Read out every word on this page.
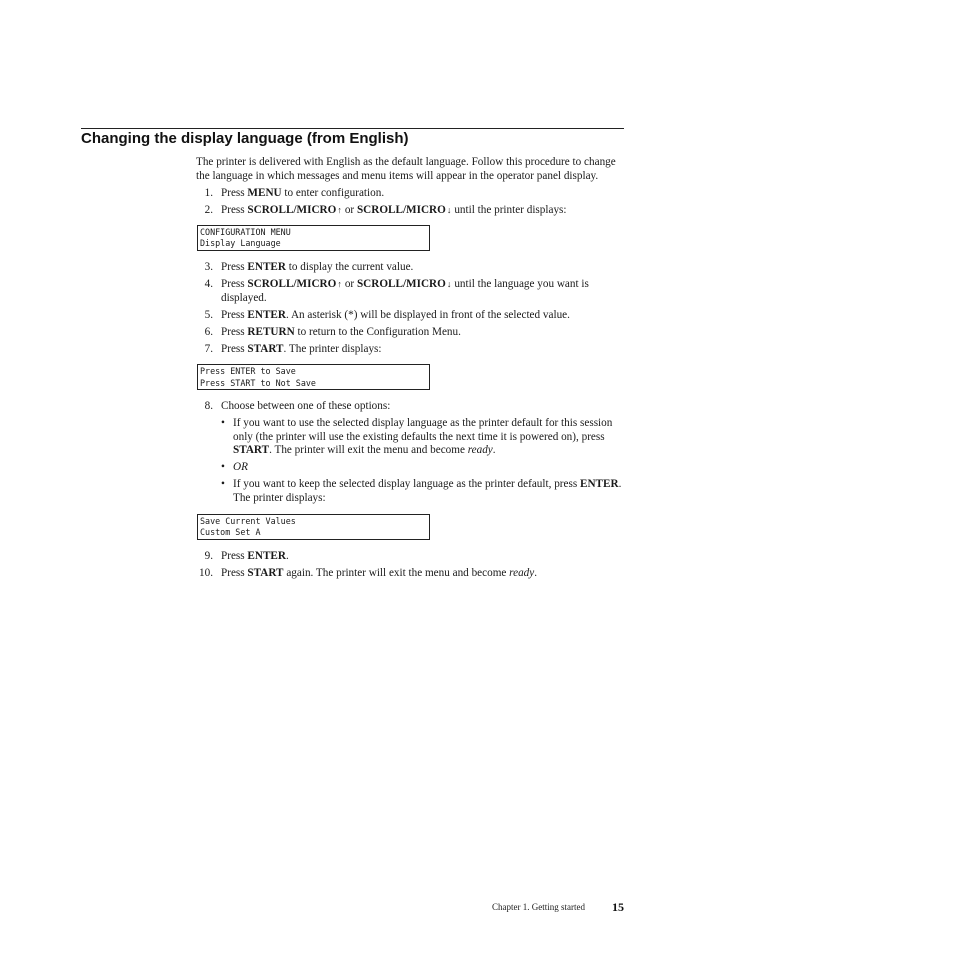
Changing the display language (from English)

The printer is delivered with English as the default language. Follow this procedure to change the language in which messages and menu items will appear in the operator panel display.

1. Press MENU to enter configuration.
2. Press SCROLL/MICRO↑ or SCROLL/MICRO↓ until the printer displays:
CONFIGURATION MENU
Display Language
3. Press ENTER to display the current value.
4. Press SCROLL/MICRO↑ or SCROLL/MICRO↓ until the language you want is displayed.
5. Press ENTER. An asterisk (*) will be displayed in front of the selected value.
6. Press RETURN to return to the Configuration Menu.
7. Press START. The printer displays:
Press ENTER to Save
Press START to Not Save
8. Choose between one of these options:
• If you want to use the selected display language as the printer default for this session only (the printer will use the existing defaults the next time it is powered on), press START. The printer will exit the menu and become ready.
• OR
• If you want to keep the selected display language as the printer default, press ENTER. The printer displays:
Save Current Values
Custom Set A
9. Press ENTER.
10. Press START again. The printer will exit the menu and become ready.
Chapter 1. Getting started 15
